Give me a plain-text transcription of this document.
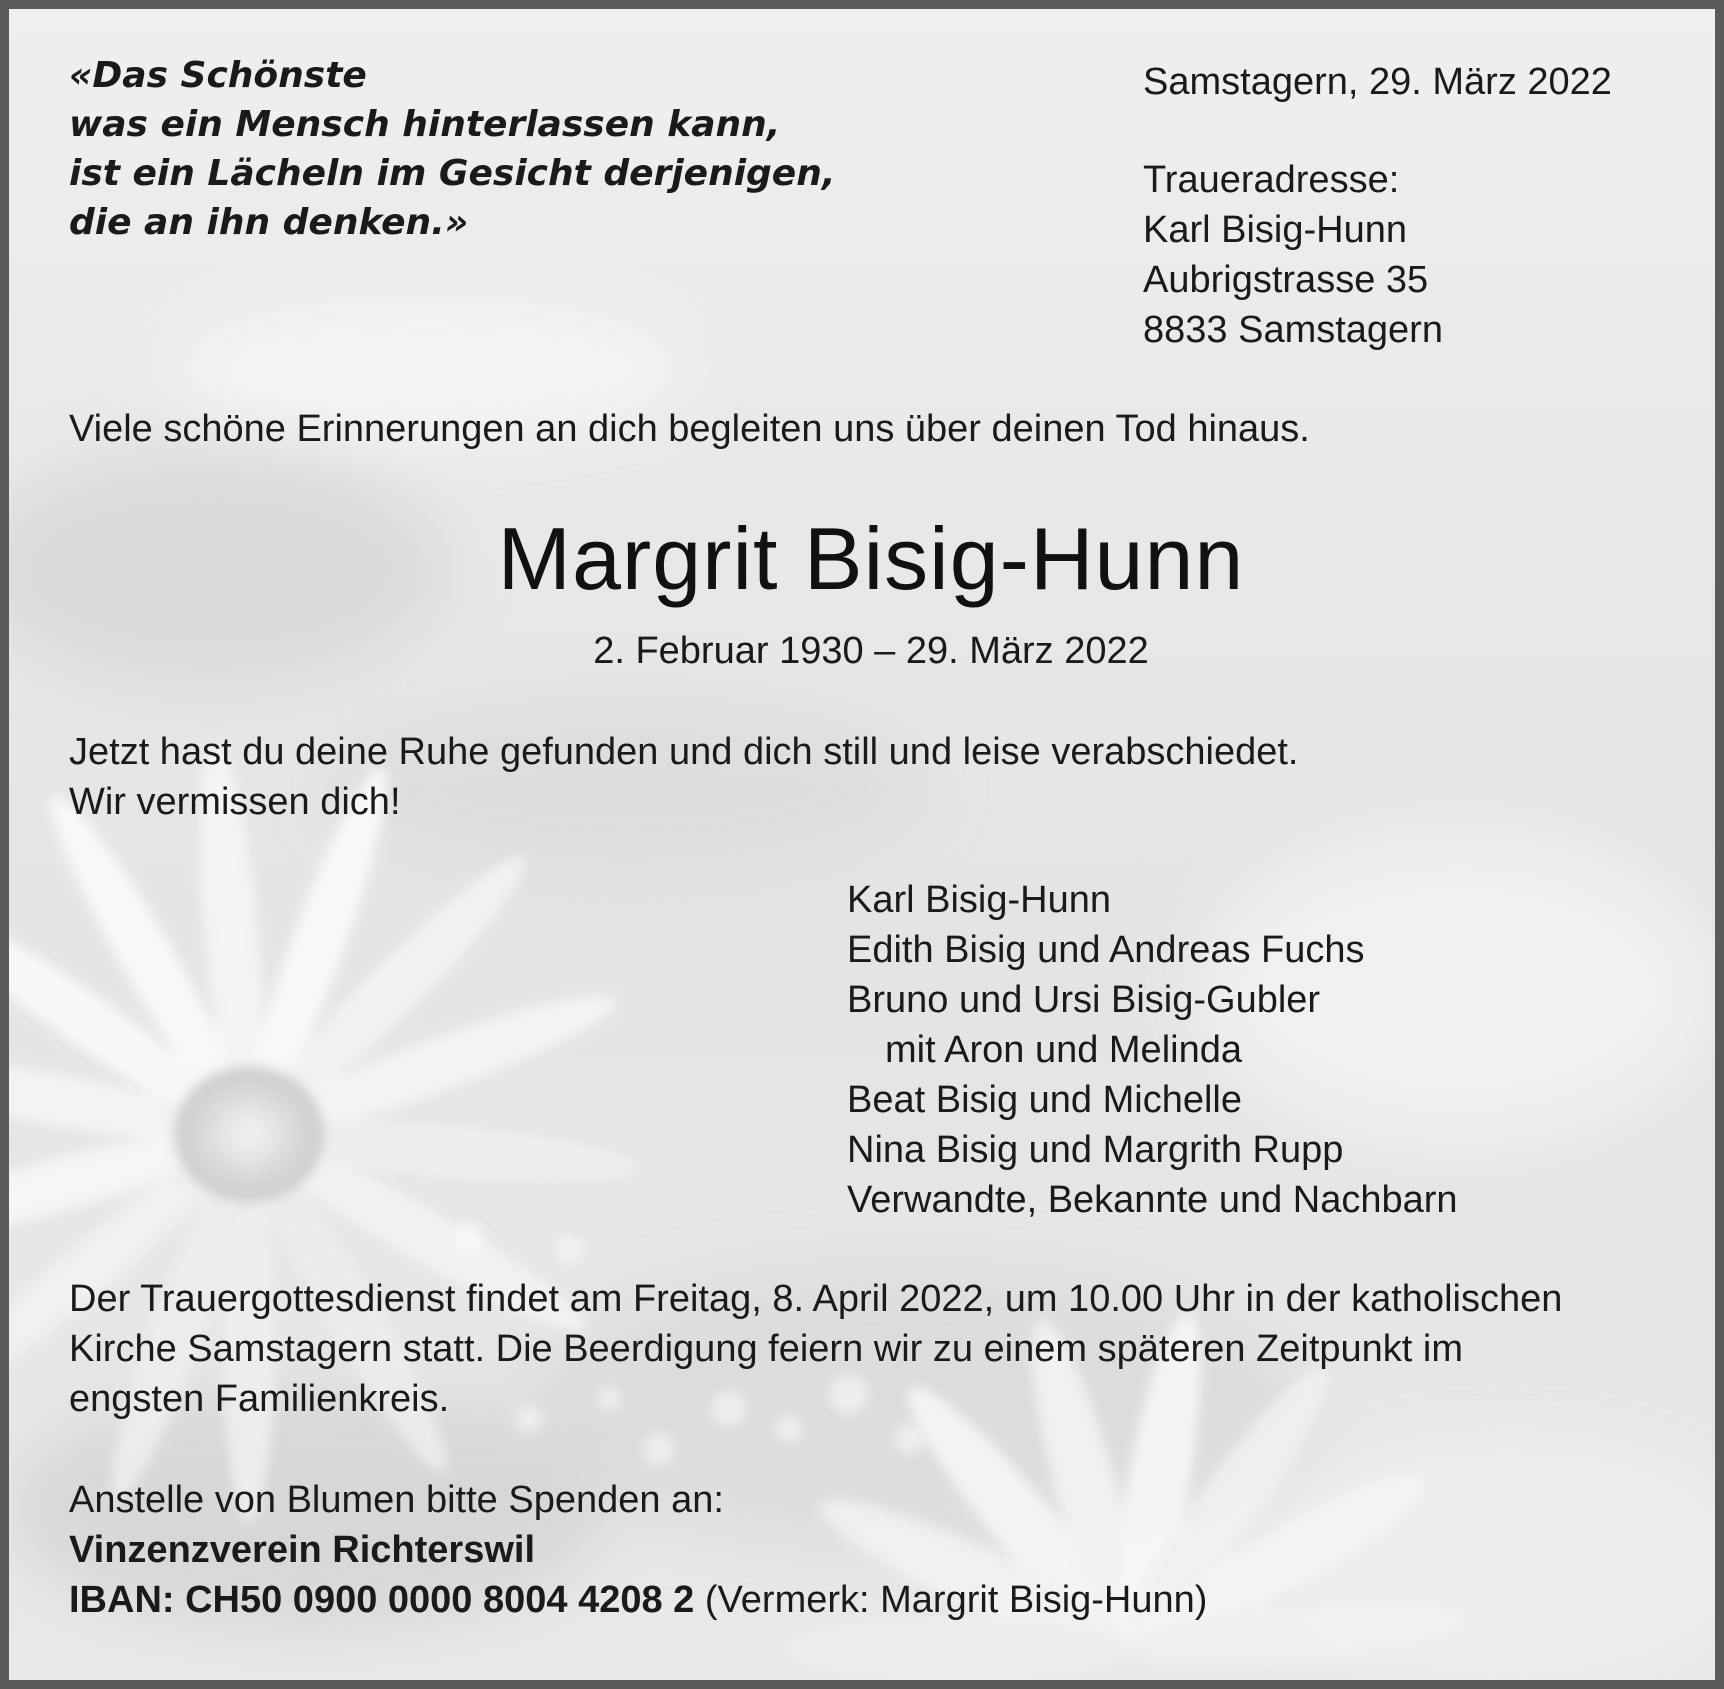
«Das Schönste
was ein Mensch hinterlassen kann,
ist ein Lächeln im Gesicht derjenigen,
die an ihn denken.»
Samstagern, 29. März 2022
Traueradresse:
Karl Bisig-Hunn
Aubrigstrasse 35
8833 Samstagern
Viele schöne Erinnerungen an dich begleiten uns über deinen Tod hinaus.
Margrit Bisig-Hunn
2. Februar 1930 – 29. März 2022
Jetzt hast du deine Ruhe gefunden und dich still und leise verabschiedet.
Wir vermissen dich!
Karl Bisig-Hunn
Edith Bisig und Andreas Fuchs
Bruno und Ursi Bisig-Gubler
mit Aron und Melinda
Beat Bisig und Michelle
Nina Bisig und Margrith Rupp
Verwandte, Bekannte und Nachbarn
Der Trauergottesdienst findet am Freitag, 8. April 2022, um 10.00 Uhr in der katholischen
Kirche Samstagern statt. Die Beerdigung feiern wir zu einem späteren Zeitpunkt im
engsten Familienkreis.
Anstelle von Blumen bitte Spenden an:
Vinzenzverein Richterswil
IBAN: CH50 0900 0000 8004 4208 2 (Vermerk: Margrit Bisig-Hunn)
